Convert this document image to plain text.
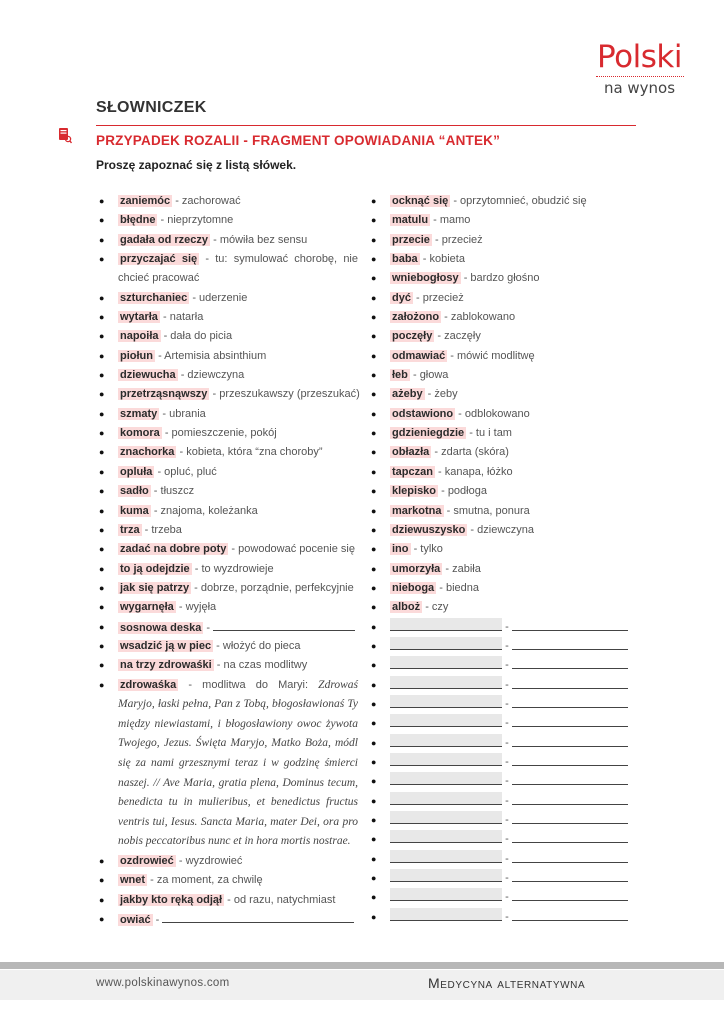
Polski
na wynos
SŁOWNICZEK
PRZYPADEK ROZALII - FRAGMENT OPOWIADANIA “ANTEK”
Proszę zapoznać się z listą słówek.
●	zaniemóc - zachorować
●	błędne - nieprzytomne
●	gadała od rzeczy - mówiła bez sensu
●	przyczajać się - tu: symulować chorobę, nie chcieć pracować
●	szturchaniec - uderzenie
●	wytarła - natarła
●	napoiła - dała do picia
●	piołun - Artemisia absinthium
●	dziewucha - dziewczyna
●	przetrząsnąwszy - przeszukawszy (przeszukać)
●	szmaty - ubrania
●	komora - pomieszczenie, pokój
●	znachorka - kobieta, która “zna choroby”
●	opluła - opluć, pluć
●	sadło - tłuszcz
●	kuma - znajoma, koleżanka
●	trza - trzeba
●	zadać na dobre poty - powodować pocenie się
●	to ją odejdzie - to wyzdrowieje
●	jak się patrzy - dobrze, porządnie, perfekcyjnie
●	wygarnęła - wyjęła
●	sosnowa deska -
●	wsadzić ją w piec - włożyć do pieca
●	na trzy zdrowaśki - na czas modlitwy
●	zdrowaśka - modlitwa do Maryi: Zdrowaś Maryjo, łaski pełna, Pan z Tobą, błogosławionaś Ty między niewiastami, i błogosławiony owoc żywota Twojego, Jezus. Święta Maryjo, Matko Boża, módl się za nami grzesznymi teraz i w godzinę śmierci naszej. // Ave Maria, gratia plena, Dominus tecum, benedicta tu in mulieribus, et benedictus fructus ventris tui, Iesus. Sancta Maria, mater Dei, ora pro nobis peccatoribus nunc et in hora mortis nostrae.
●	ozdrowieć - wyzdrowieć
●	wnet - za moment, za chwilę
●	jakby kto ręką odjął - od razu, natychmiast
●	owiać -
●	ocknąć się - oprzytomnieć, obudzić się
●	matulu - mamo
●	przecie - przecież
●	baba - kobieta
●	wniebogłosy - bardzo głośno
●	dyć - przecież
●	założono - zablokowano
●	poczęły - zaczęły
●	odmawiać - mówić modlitwę
●	łeb - głowa
●	ażeby - żeby
●	odstawiono - odblokowano
●	gdzieniegdzie - tu i tam
●	obłazła - zdarta (skóra)
●	tapczan - kanapa, łóżko
●	klepisko - podłoga
●	markotna - smutna, ponura
●	dziewuszysko - dziewczyna
●	ino - tylko
●	umorzyła - zabiła
●	nieboga - biedna
●	alboż - czy
●	-
●	-
●	-
●	-
●	-
●	-
●	-
●	-
●	-
●	-
●	-
●	-
●	-
●	-
●	-
●	-
www.polskinawynos.com	Medycyna alternatywna
